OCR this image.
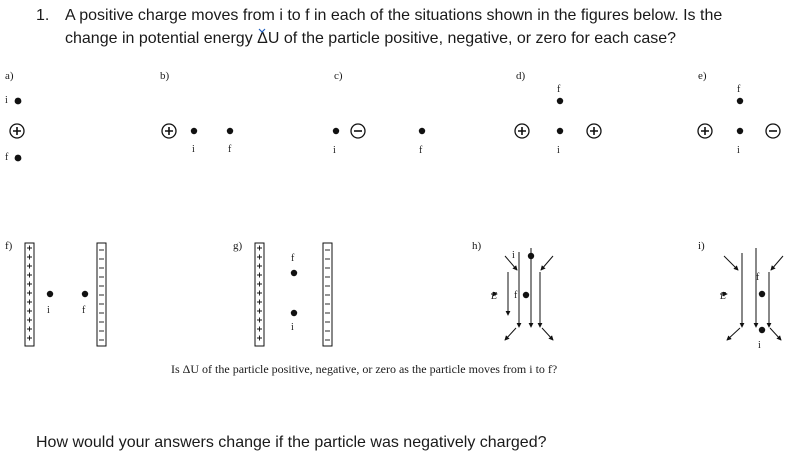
1. A positive charge moves from i to f in each of the situations shown in the figures below. Is the
change in potential energy ΔU of the particle positive, negative, or zero for each case?
a)	b)	c)	d)	e)
f)	g)	h)	i)
i
f
i	f	i	f
f
i
f
i
i	f
f
i
i
f
f
i
E	E
Is ΔU of the particle positive, negative, or zero as the particle moves from i to f?
How would your answers change if the particle was negatively charged?
